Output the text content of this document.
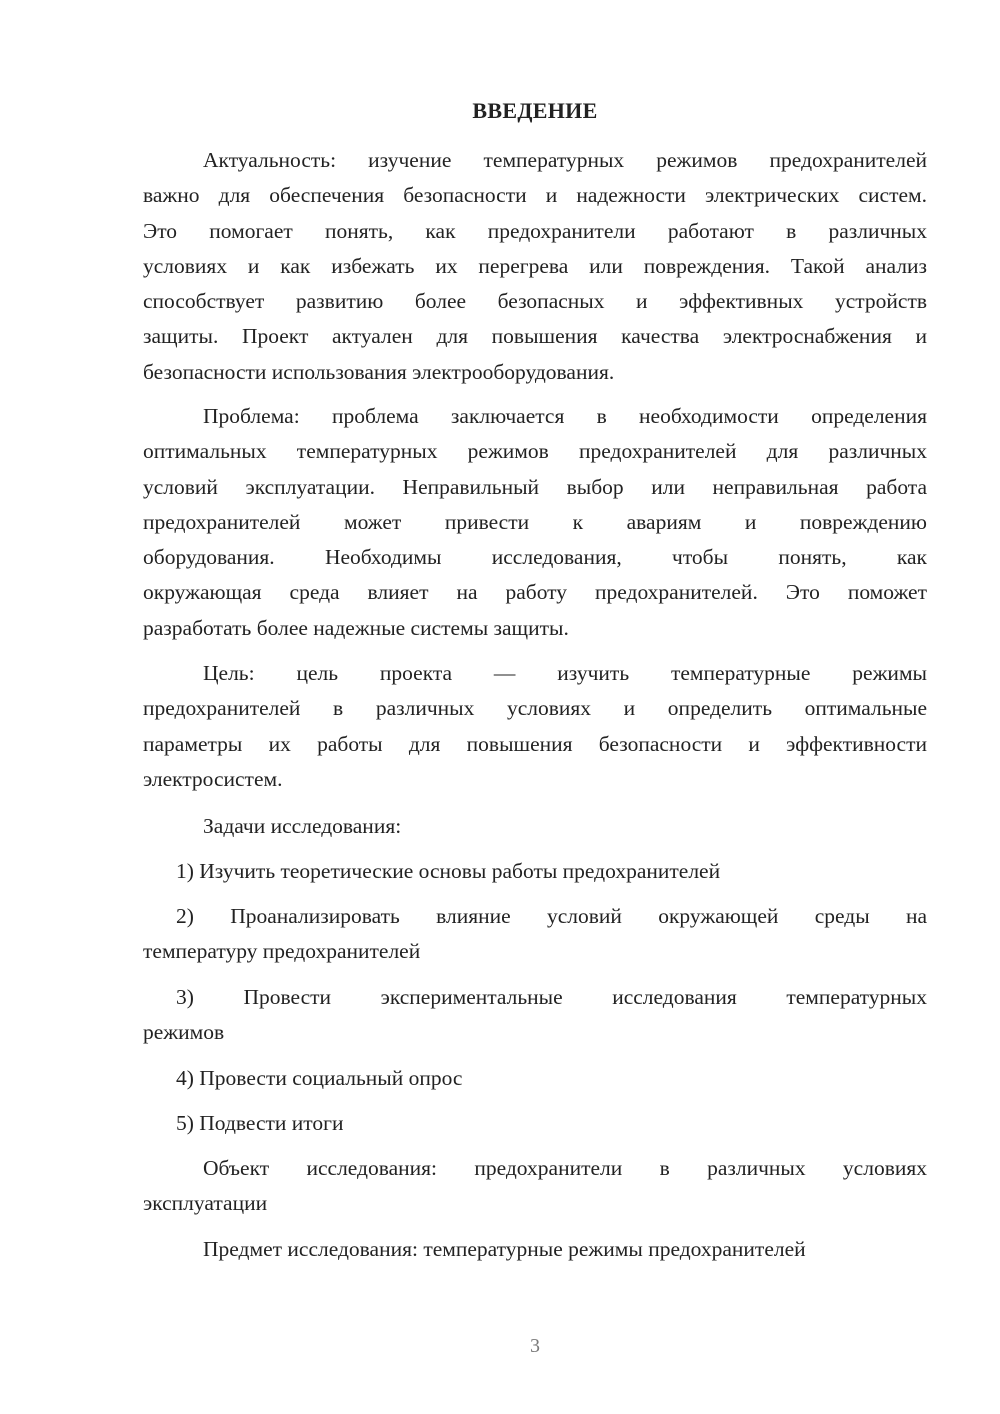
ВВЕДЕНИЕ
Актуальность: изучение температурных режимов предохранителей
важно для обеспечения безопасности и надежности электрических систем.
Это помогает понять, как предохранители работают в различных
условиях и как избежать их перегрева или повреждения. Такой анализ
способствует развитию более безопасных и эффективных устройств
защиты. Проект актуален для повышения качества электроснабжения и
безопасности использования электрооборудования.
Проблема: проблема заключается в необходимости определения
оптимальных температурных режимов предохранителей для различных
условий эксплуатации. Неправильный выбор или неправильная работа
предохранителей может привести к авариям и повреждению
оборудования. Необходимы исследования, чтобы понять, как
окружающая среда влияет на работу предохранителей. Это поможет
разработать более надежные системы защиты.
Цель: цель проекта — изучить температурные режимы
предохранителей в различных условиях и определить оптимальные
параметры их работы для повышения безопасности и эффективности
электросистем.
Задачи исследования:
1) Изучить теоретические основы работы предохранителей
2) Проанализировать влияние условий окружающей среды на
температуру предохранителей
3) Провести экспериментальные исследования температурных
режимов
4) Провести социальный опрос
5) Подвести итоги
Объект исследования: предохранители в различных условиях
эксплуатации
Предмет исследования: температурные режимы предохранителей
3
